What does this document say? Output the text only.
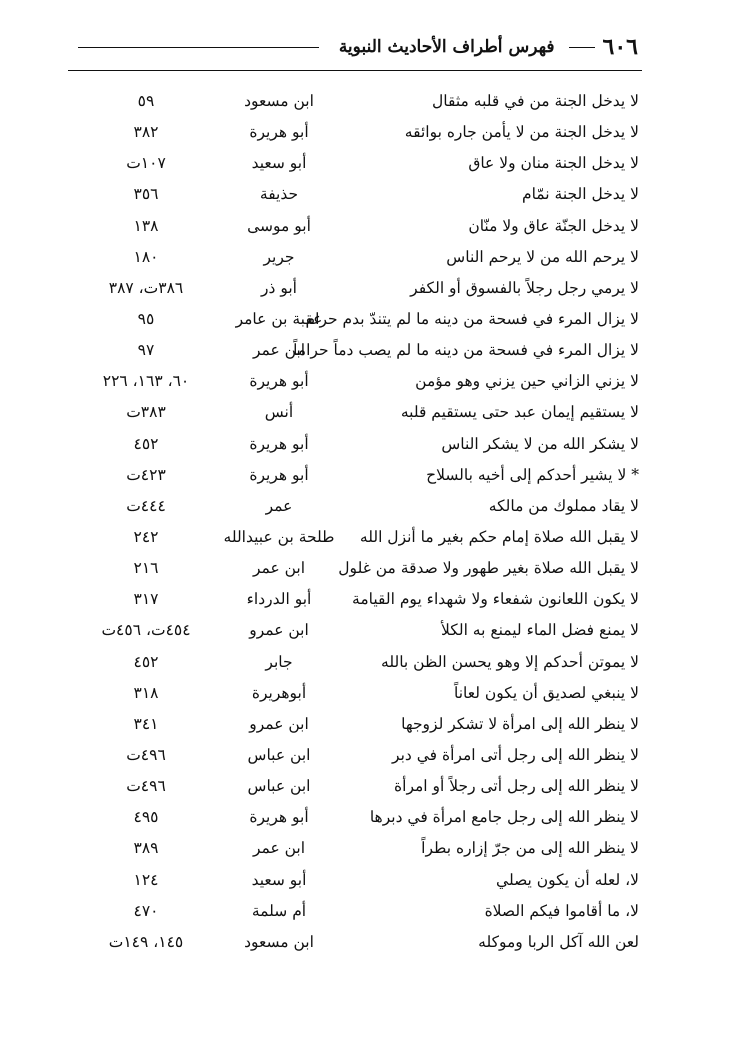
٦٠٦
فهرس أطراف الأحاديث النبوية
لا يدخل الجنة من في قلبه مثقال
ابن مسعود
٥٩
لا يدخل الجنة من لا يأمن جاره بوائقه
أبو هريرة
٣٨٢
لا يدخل الجنة منان ولا عاق
أبو سعيد
١٠٧ت
لا يدخل الجنة نمّام
حذيفة
٣٥٦
لا يدخل الجنّة عاق ولا منّان
أبو موسى
١٣٨
لا يرحم الله من لا يرحم الناس
جرير
١٨٠
لا يرمي رجل رجلاً بالفسوق أو الكفر
أبو ذر
٣٨٦ت، ٣٨٧
لا يزال المرء في فسحة من دينه ما لم يتندّ بدم حرام
عقبة بن عامر
٩٥
لا يزال المرء في فسحة من دينه ما لم يصب دماً حراماً
ابن عمر
٩٧
لا يزني الزاني حين يزني وهو مؤمن
أبو هريرة
٦٠، ١٦٣، ٢٢٦
لا يستقيم إيمان عبد حتى يستقيم قلبه
أنس
٣٨٣ت
لا يشكر الله من لا يشكر الناس
أبو هريرة
٤٥٢
* لا يشير أحدكم إلى أخيه بالسلاح
أبو هريرة
٤٢٣ت
لا يقاد مملوك من مالكه
عمر
٤٤٤ت
لا يقبل الله صلاة إمام حكم بغير ما أنزل الله
طلحة بن عبيدالله
٢٤٢
لا يقبل الله صلاة بغير طهور ولا صدقة من غلول
ابن عمر
٢١٦
لا يكون اللعانون شفعاء ولا شهداء يوم القيامة
أبو الدرداء
٣١٧
لا يمنع فضل الماء ليمنع به الكلأ
ابن عمرو
٤٥٤ت، ٤٥٦ت
لا يموتن أحدكم إلا وهو يحسن الظن بالله
جابر
٤٥٢
لا ينبغي لصديق أن يكون لعاناً
أبوهريرة
٣١٨
لا ينظر الله إلى امرأة لا تشكر لزوجها
ابن عمرو
٣٤١
لا ينظر الله إلى رجل أتى امرأة في دبر
ابن عباس
٤٩٦ت
لا ينظر الله إلى رجل أتى رجلاً أو امرأة
ابن عباس
٤٩٦ت
لا ينظر الله إلى رجل جامع امرأة في دبرها
أبو هريرة
٤٩٥
لا ينظر الله إلى من جرّ إزاره بطراً
ابن عمر
٣٨٩
لا، لعله أن يكون يصلي
أبو سعيد
١٢٤
لا، ما أقاموا فيكم الصلاة
أم سلمة
٤٧٠
لعن الله آكل الربا وموكله
ابن مسعود
١٤٥، ١٤٩ت
